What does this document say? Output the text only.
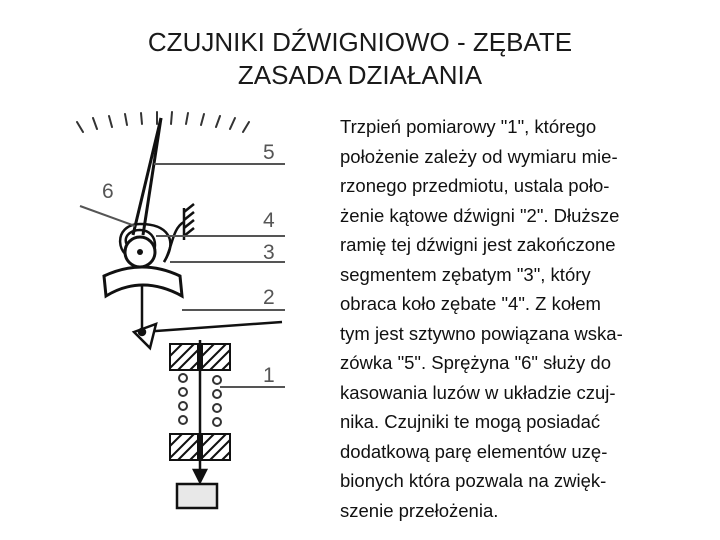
CZUJNIKI DŹWIGNIOWO - ZĘBATE
ZASADA DZIAŁANIA
6
5
4
3
2
1
Trzpień pomiarowy "1", którego
położenie zależy od wymiaru mie-
rzonego przedmiotu, ustala poło-
żenie kątowe dźwigni "2". Dłuższe
ramię tej dźwigni jest zakończone
segmentem zębatym "3", który
obraca koło zębate "4". Z kołem
tym jest sztywno powiązana wska-
zówka "5". Sprężyna "6" służy do
kasowania luzów w układzie czuj-
nika. Czujniki te mogą posiadać
dodatkową parę elementów uzę-
bionych która pozwala na zwięk-
szenie przełożenia.
